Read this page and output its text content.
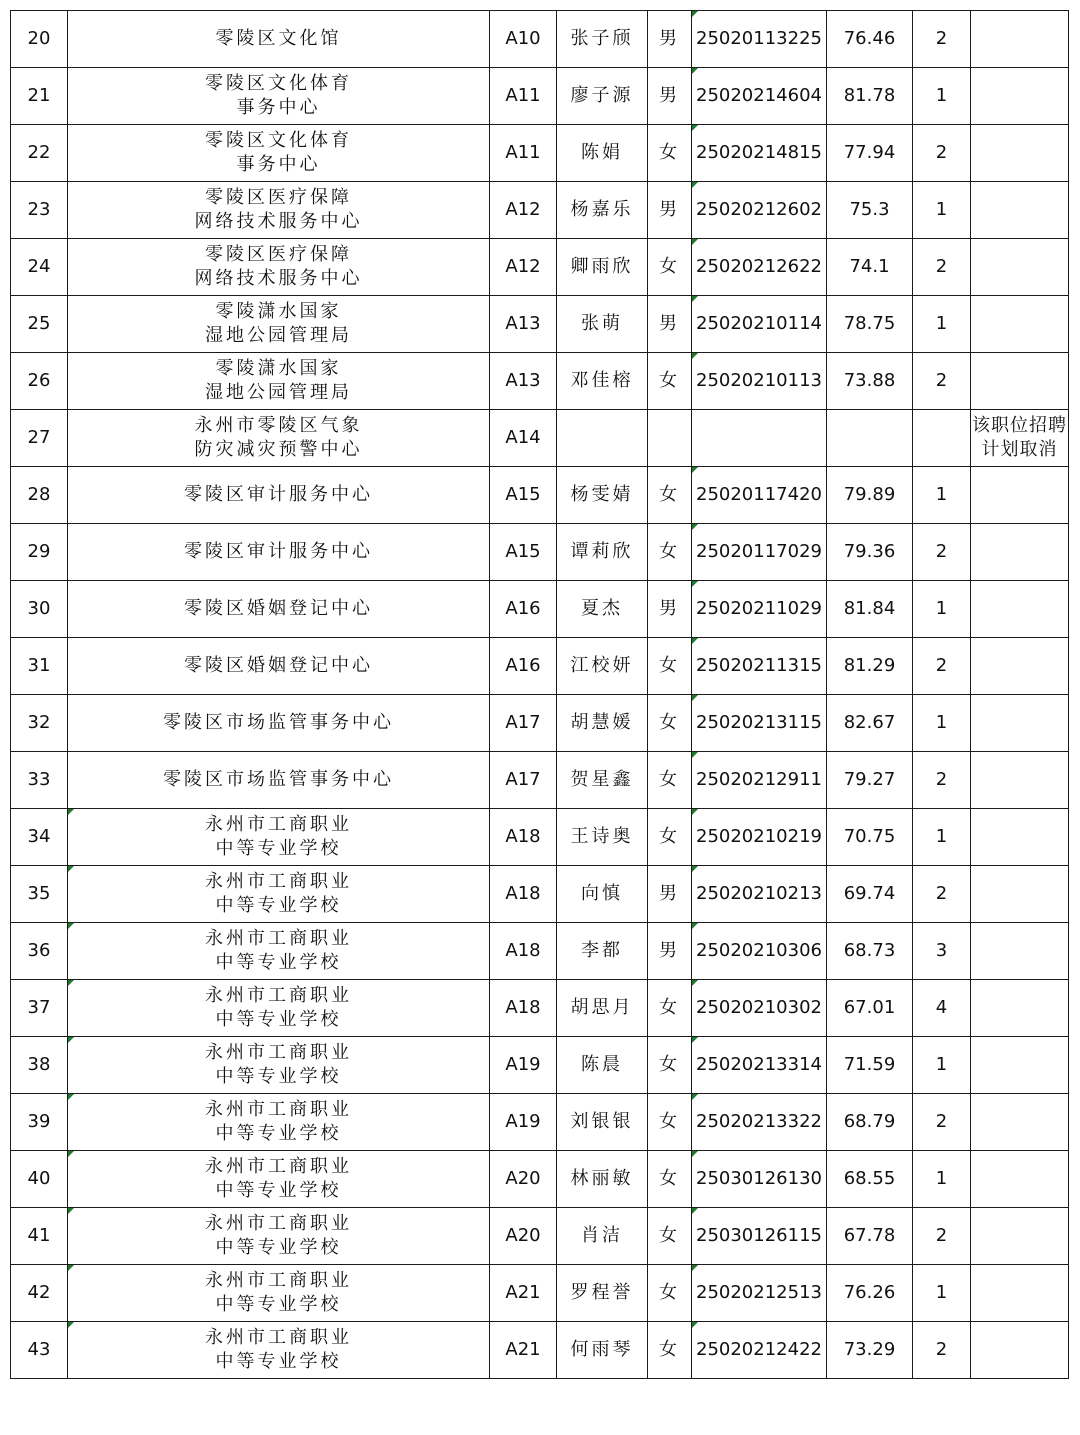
20	零陵区文化馆	A10	张子颀	男	25020113225	76.46	2	
21	零陵区文化体育
事务中心	A11	廖子源	男	25020214604	81.78	1	
22	零陵区文化体育
事务中心	A11	陈娟	女	25020214815	77.94	2	
23	零陵区医疗保障
网络技术服务中心	A12	杨嘉乐	男	25020212602	75.3	1	
24	零陵区医疗保障
网络技术服务中心	A12	卿雨欣	女	25020212622	74.1	2	
25	零陵潇水国家
湿地公园管理局	A13	张萌	男	25020210114	78.75	1	
26	零陵潇水国家
湿地公园管理局	A13	邓佳榕	女	25020210113	73.88	2	
27	永州市零陵区气象
防灾减灾预警中心	A14						该职位招聘
计划取消

28	零陵区审计服务中心	A15	杨雯婧	女	25020117420	79.89	1	
29	零陵区审计服务中心	A15	谭莉欣	女	25020117029	79.36	2	
30	零陵区婚姻登记中心	A16	夏杰	男	25020211029	81.84	1	
31	零陵区婚姻登记中心	A16	江校妍	女	25020211315	81.29	2	
32	零陵区市场监管事务中心	A17	胡慧媛	女	25020213115	82.67	1	
33	零陵区市场监管事务中心	A17	贺星鑫	女	25020212911	79.27	2	
34	永州市工商职业
中等专业学校	A18	王诗奥	女	25020210219	70.75	1	
35	永州市工商职业
中等专业学校	A18	向慎	男	25020210213	69.74	2	
36	永州市工商职业
中等专业学校	A18	李都	男	25020210306	68.73	3	
37	永州市工商职业
中等专业学校	A18	胡思月	女	25020210302	67.01	4	
38	永州市工商职业
中等专业学校	A19	陈晨	女	25020213314	71.59	1	
39	永州市工商职业
中等专业学校	A19	刘银银	女	25020213322	68.79	2	
40	永州市工商职业
中等专业学校	A20	林丽敏	女	25030126130	68.55	1	
41	永州市工商职业
中等专业学校	A20	肖洁	女	25030126115	67.78	2	
42	永州市工商职业
中等专业学校	A21	罗程誉	女	25020212513	76.26	1	
43	永州市工商职业
中等专业学校	A21	何雨琴	女	25020212422	73.29	2	
